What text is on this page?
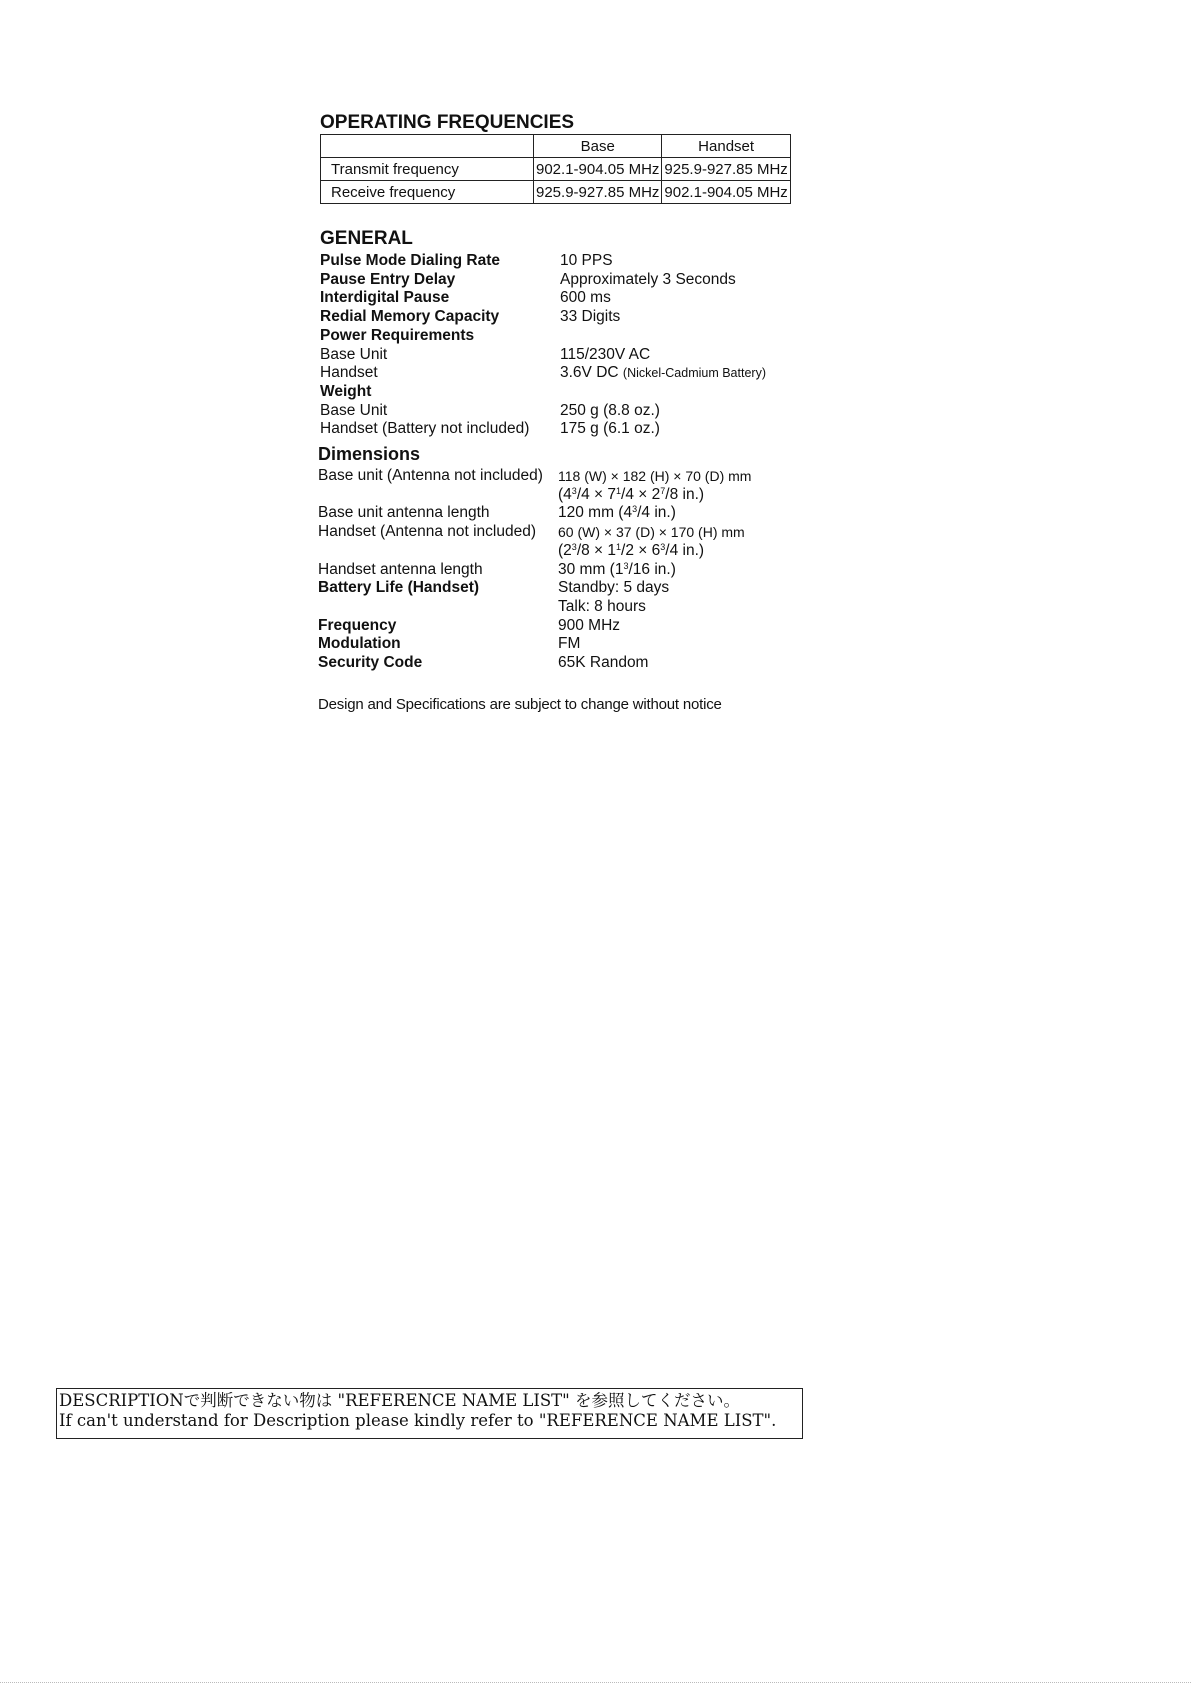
OPERATING FREQUENCIES
	Base	Handset
Transmit frequency	902.1-904.05 MHz	925.9-927.85 MHz
Receive frequency	925.9-927.85 MHz	902.1-904.05 MHz
GENERAL
Pulse Mode Dialing Rate	10 PPS
Pause Entry Delay	Approximately 3 Seconds
Interdigital Pause	600 ms
Redial Memory Capacity	33 Digits
Power Requirements
Base Unit	115/230V AC
Handset	3.6V DC (Nickel-Cadmium Battery)
Weight
Base Unit	250 g (8.8 oz.)
Handset (Battery not included)	175 g (6.1 oz.)
Dimensions
Base unit (Antenna not included)	118 (W) × 182 (H) × 70 (D) mm
($4^3/4 \times 7^1/4 \times 2^7/8$ in.)
Base unit antenna length	120 mm ($4^3/4$ in.)
Handset (Antenna not included)	60 (W) × 37 (D) × 170 (H) mm
($2^3/8 \times 1^1/2 \times 6^3/4$ in.)
Handset antenna length	30 mm ($1^3/16$ in.)
Battery Life (Handset)	Standby: 5 days
Talk: 8 hours
Frequency	900 MHz
Modulation	FM
Security Code	65K Random
Design and Specifications are subject to change without notice
DESCRIPTIONで判断できない物は "REFERENCE NAME LIST" を参照してください。
If can't understand for Description please kindly refer to "REFERENCE NAME LIST".
